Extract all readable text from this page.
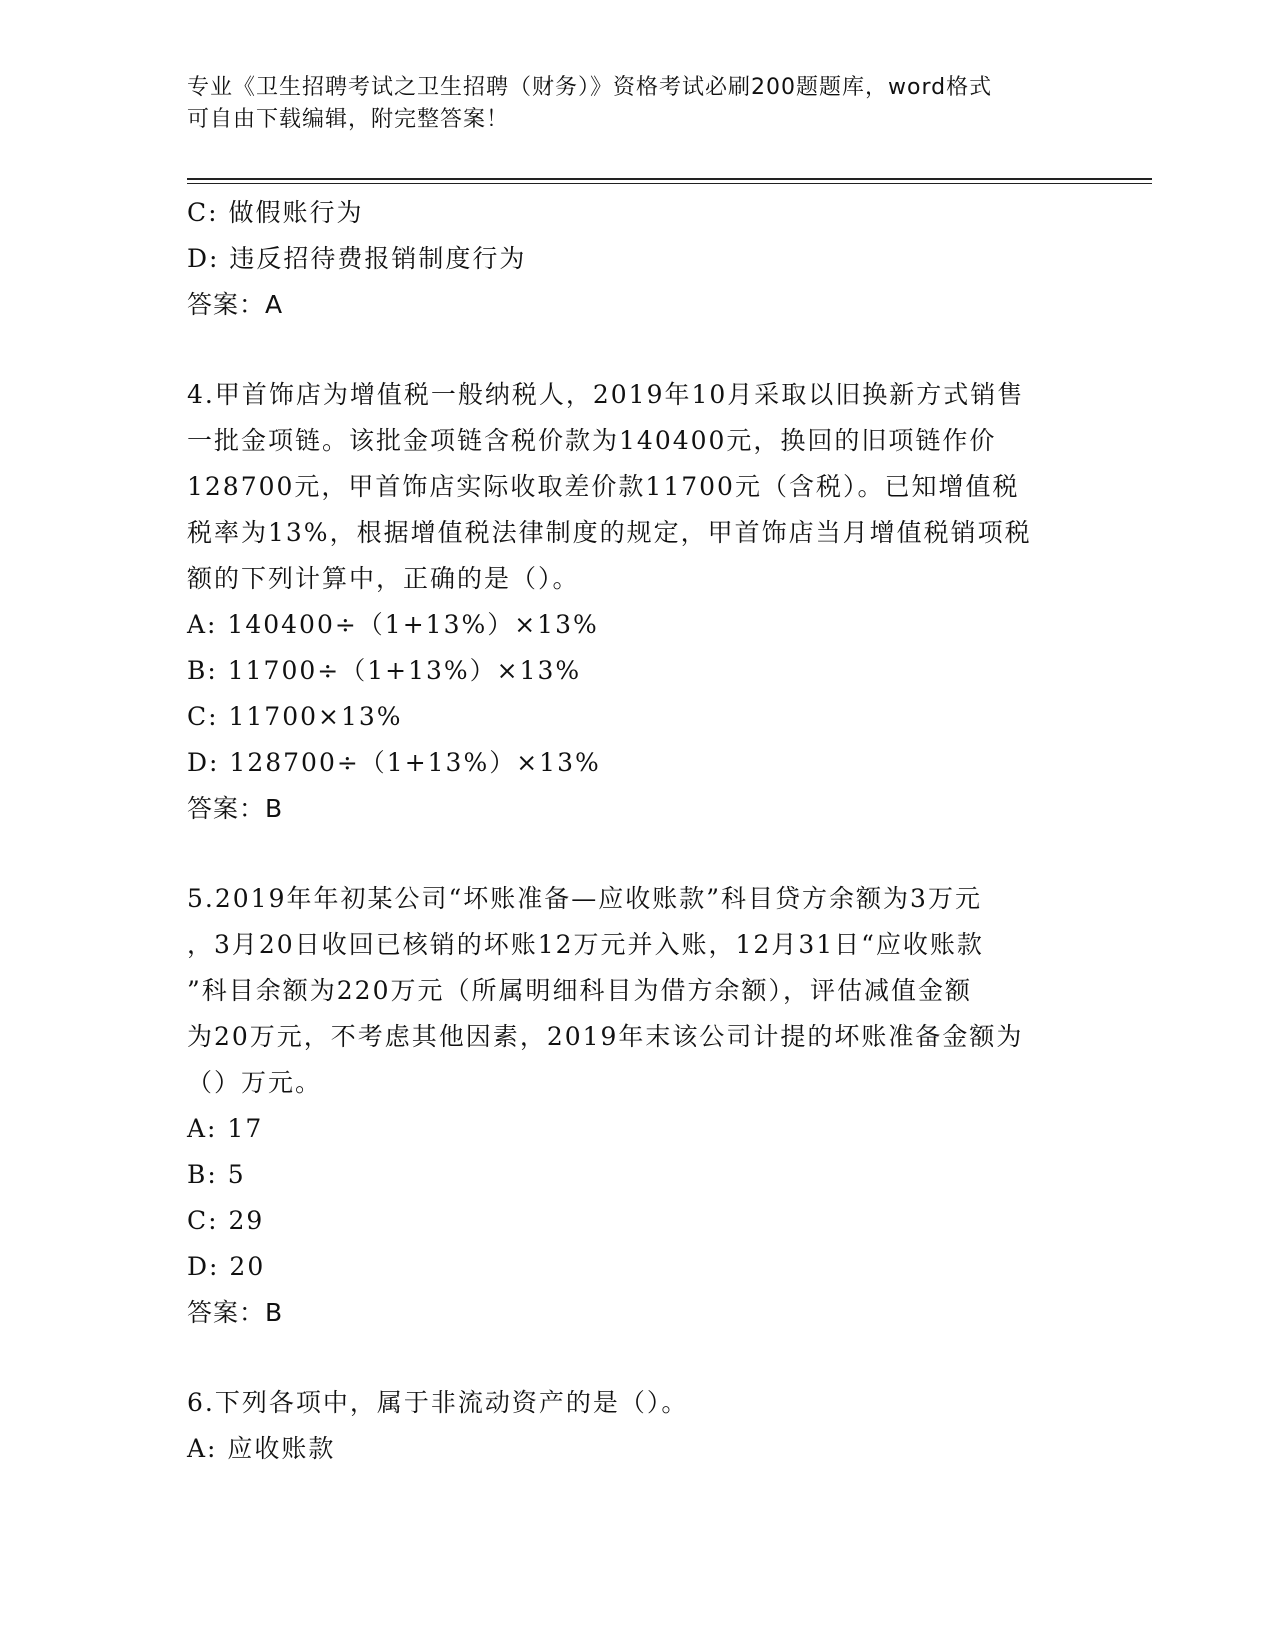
专业《卫生招聘考试之卫生招聘（财务）》资格考试必刷200题题库，word格式
可自由下载编辑，附完整答案！
C: 做假账行为
D: 违反招待费报销制度行为
答案：A
4.甲首饰店为增值税一般纳税人，2019年10月采取以旧换新方式销售
一批金项链。该批金项链含税价款为140400元，换回的旧项链作价
128700元，甲首饰店实际收取差价款11700元（含税）。已知增值税
税率为13%，根据增值税法律制度的规定，甲首饰店当月增值税销项税
额的下列计算中，正确的是（）。
A: 140400÷（1+13%）×13%
B: 11700÷（1+13%）×13%
C: 11700×13%
D: 128700÷（1+13%）×13%
答案：B
5.2019年年初某公司“坏账准备—应收账款”科目贷方余额为3万元
，3月20日收回已核销的坏账12万元并入账，12月31日“应收账款
”科目余额为220万元（所属明细科目为借方余额），评估减值金额
为20万元，不考虑其他因素，2019年末该公司计提的坏账准备金额为
（）万元。
A: 17
B: 5
C: 29
D: 20
答案：B
6.下列各项中，属于非流动资产的是（）。
A: 应收账款
